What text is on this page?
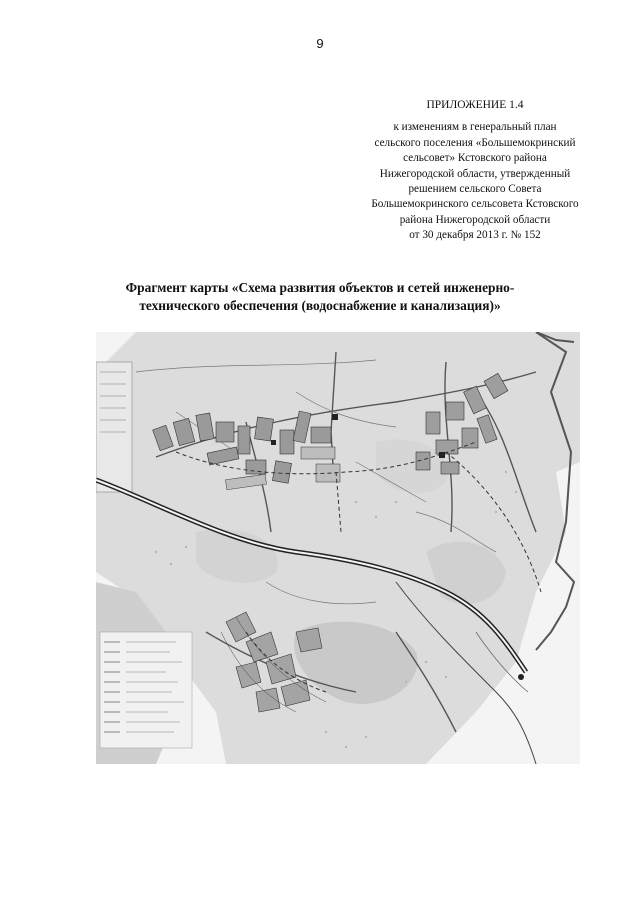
9
ПРИЛОЖЕНИЕ 1.4
к изменениям в генеральный план
сельского поселения «Большемокринский
сельсовет» Кстовского района
Нижегородской области, утвержденный
решением сельского Совета
Большемокринского сельсовета Кстовского
района Нижегородской области
от 30 декабря 2013 г. № 152
Фрагмент карты «Схема развития объектов и сетей инженерно-
технического обеспечения (водоснабжение и канализация)»
